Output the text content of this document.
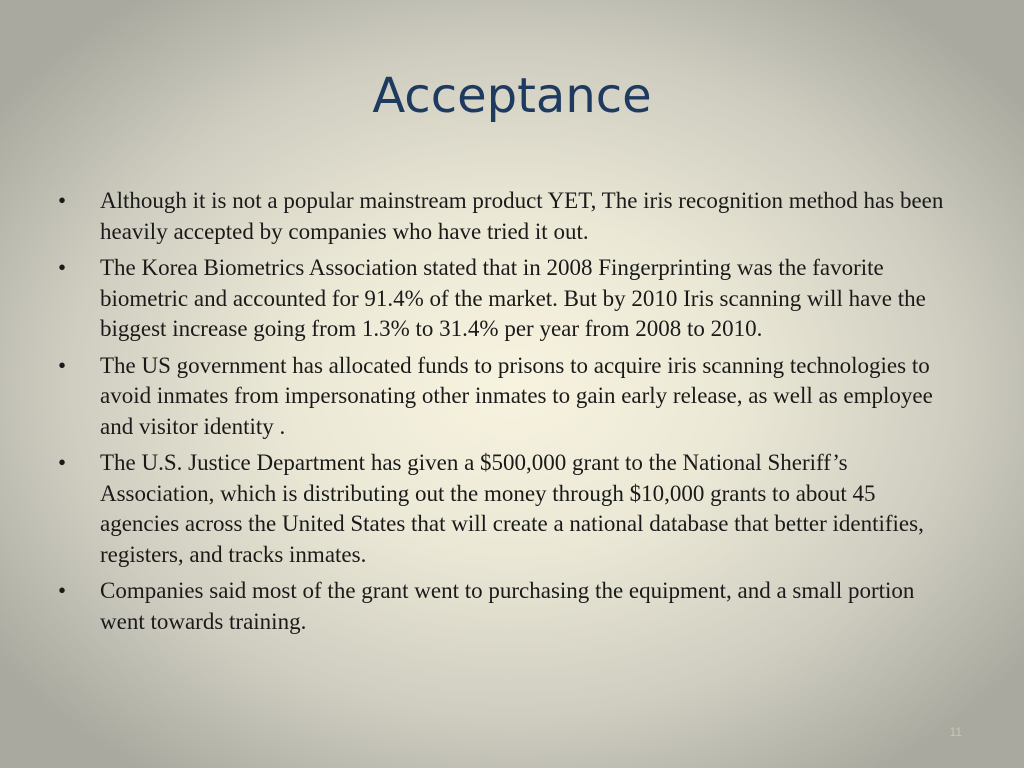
Acceptance
• Although it is not a popular mainstream product YET, The iris recognition method has been heavily accepted by companies who have tried it out.
• The Korea Biometrics Association stated that in 2008 Fingerprinting was the favorite biometric and accounted for 91.4% of the market. But by 2010 Iris scanning will have the biggest increase going from 1.3% to 31.4% per year from 2008 to 2010.
• The US government has allocated funds to prisons to acquire iris scanning technologies to avoid inmates from impersonating other inmates to gain early release, as well as employee and visitor identity .
• The U.S. Justice Department has given a $500,000 grant to the National Sheriff’s Association, which is distributing out the money through $10,000 grants to about 45 agencies across the United States that will create a national database that better identifies, registers, and tracks inmates.
• Companies said most of the grant went to purchasing the equipment, and a small portion went towards training.
11
